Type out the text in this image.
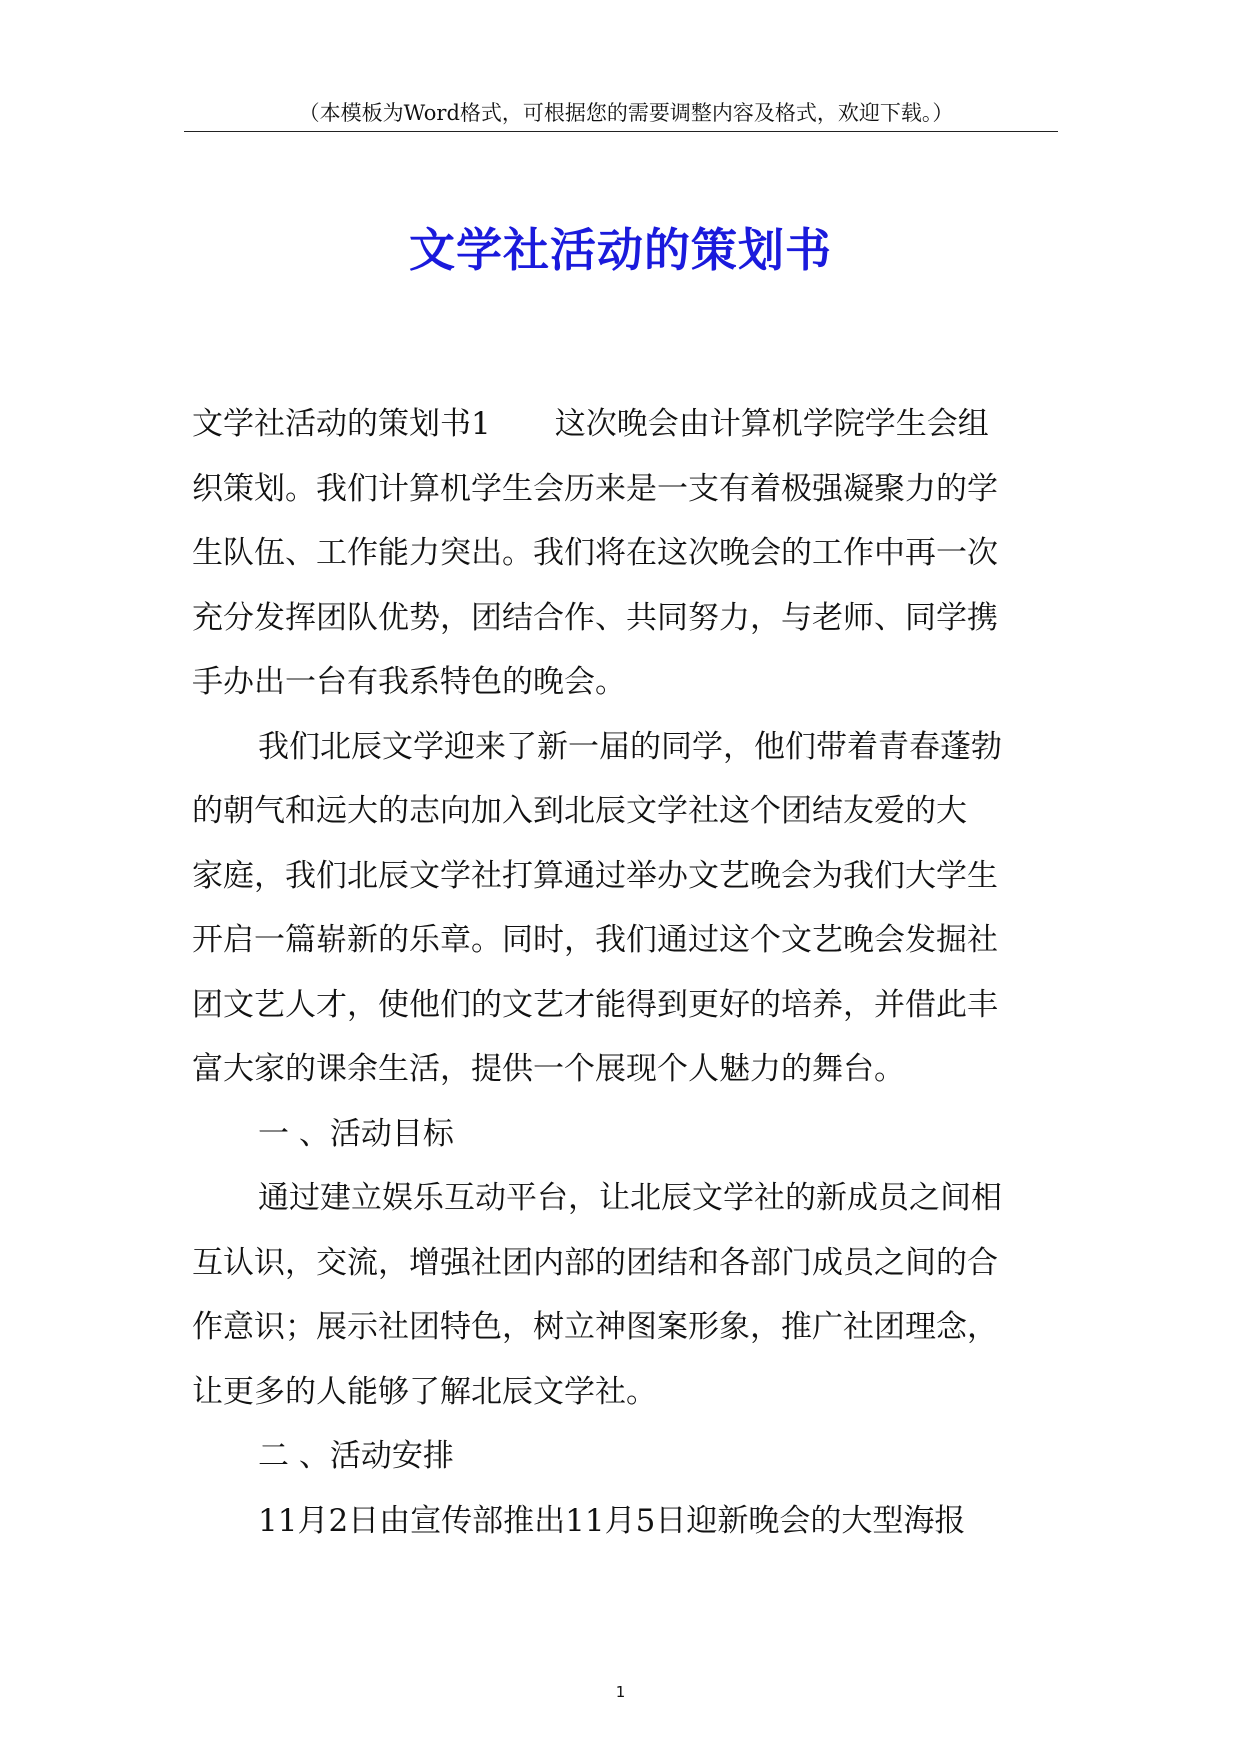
（本模板为Word格式，可根据您的需要调整内容及格式，欢迎下载。）
文学社活动的策划书
文学社活动的策划书1 这次晚会由计算机学院学生会组
织策划。我们计算机学生会历来是一支有着极强凝聚力的学
生队伍、工作能力突出。我们将在这次晚会的工作中再一次
充分发挥团队优势，团结合作、共同努力，与老师、同学携
手办出一台有我系特色的晚会。
我们北辰文学迎来了新一届的同学，他们带着青春蓬勃
的朝气和远大的志向加入到北辰文学社这个团结友爱的大
家庭，我们北辰文学社打算通过举办文艺晚会为我们大学生
开启一篇崭新的乐章。同时，我们通过这个文艺晚会发掘社
团文艺人才，使他们的文艺才能得到更好的培养，并借此丰
富大家的课余生活，提供一个展现个人魅力的舞台。
一 、活动目标
通过建立娱乐互动平台，让北辰文学社的新成员之间相
互认识，交流，增强社团内部的团结和各部门成员之间的合
作意识；展示社团特色，树立神图案形象，推广社团理念，
让更多的人能够了解北辰文学社。
二 、活动安排
11月2日由宣传部推出11月5日迎新晚会的大型海报
1
